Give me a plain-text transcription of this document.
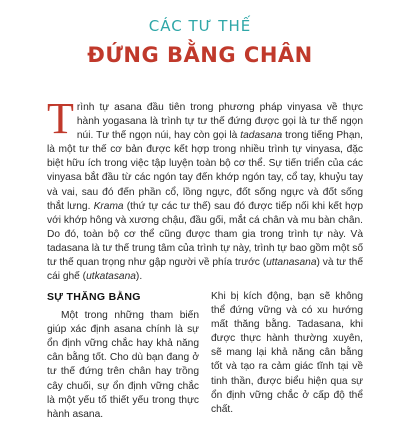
CÁC TƯ THẾ
ĐỨNG BẰNG CHÂN
Trình tự asana đầu tiên trong phương pháp vinyasa về thực hành yogasana là trình tự tư thế đứng được gọi là tư thế ngọn núi. Tư thế ngọn núi, hay còn gọi là tadasana trong tiếng Phạn, là một tư thế cơ bản được kết hợp trong nhiều trình tự vinyasa, đặc biệt hữu ích trong việc tập luyện toàn bộ cơ thể. Sự tiến triển của các vinyasa bắt đầu từ các ngón tay đến khớp ngón tay, cổ tay, khuỷu tay và vai, sau đó đến phần cổ, lồng ngực, đốt sống ngực và đốt sống thắt lưng. Krama (thứ tự các tư thế) sau đó được tiếp nối khi kết hợp với khớp hông và xương chậu, đầu gối, mắt cá chân và mu bàn chân. Do đó, toàn bộ cơ thể cũng được tham gia trong trình tự này. Và tadasana là tư thế trung tâm của trình tự này, trình tự bao gồm một số tư thế quan trọng như gập người về phía trước (uttanasana) và tư thế cái ghế (utkatasana).
SỰ THĂNG BẰNG

Một trong những tham biến giúp xác định asana chính là sự ổn định vững chắc hay khả năng cân bằng tốt. Cho dù bạn đang ở tư thế đứng trên chân hay trồng cây chuối, sự ổn định vững chắc là một yếu tố thiết yếu trong thực hành asana.

Khi bị kích động, bạn sẽ không thể đứng vững và có xu hướng mất thăng bằng. Tadasana, khi được thực hành thường xuyên, sẽ mang lại khả năng cân bằng tốt và tạo ra cảm giác tĩnh tại về tinh thần, được biểu hiện qua sự ổn định vững chắc ở cấp độ thể chất.
